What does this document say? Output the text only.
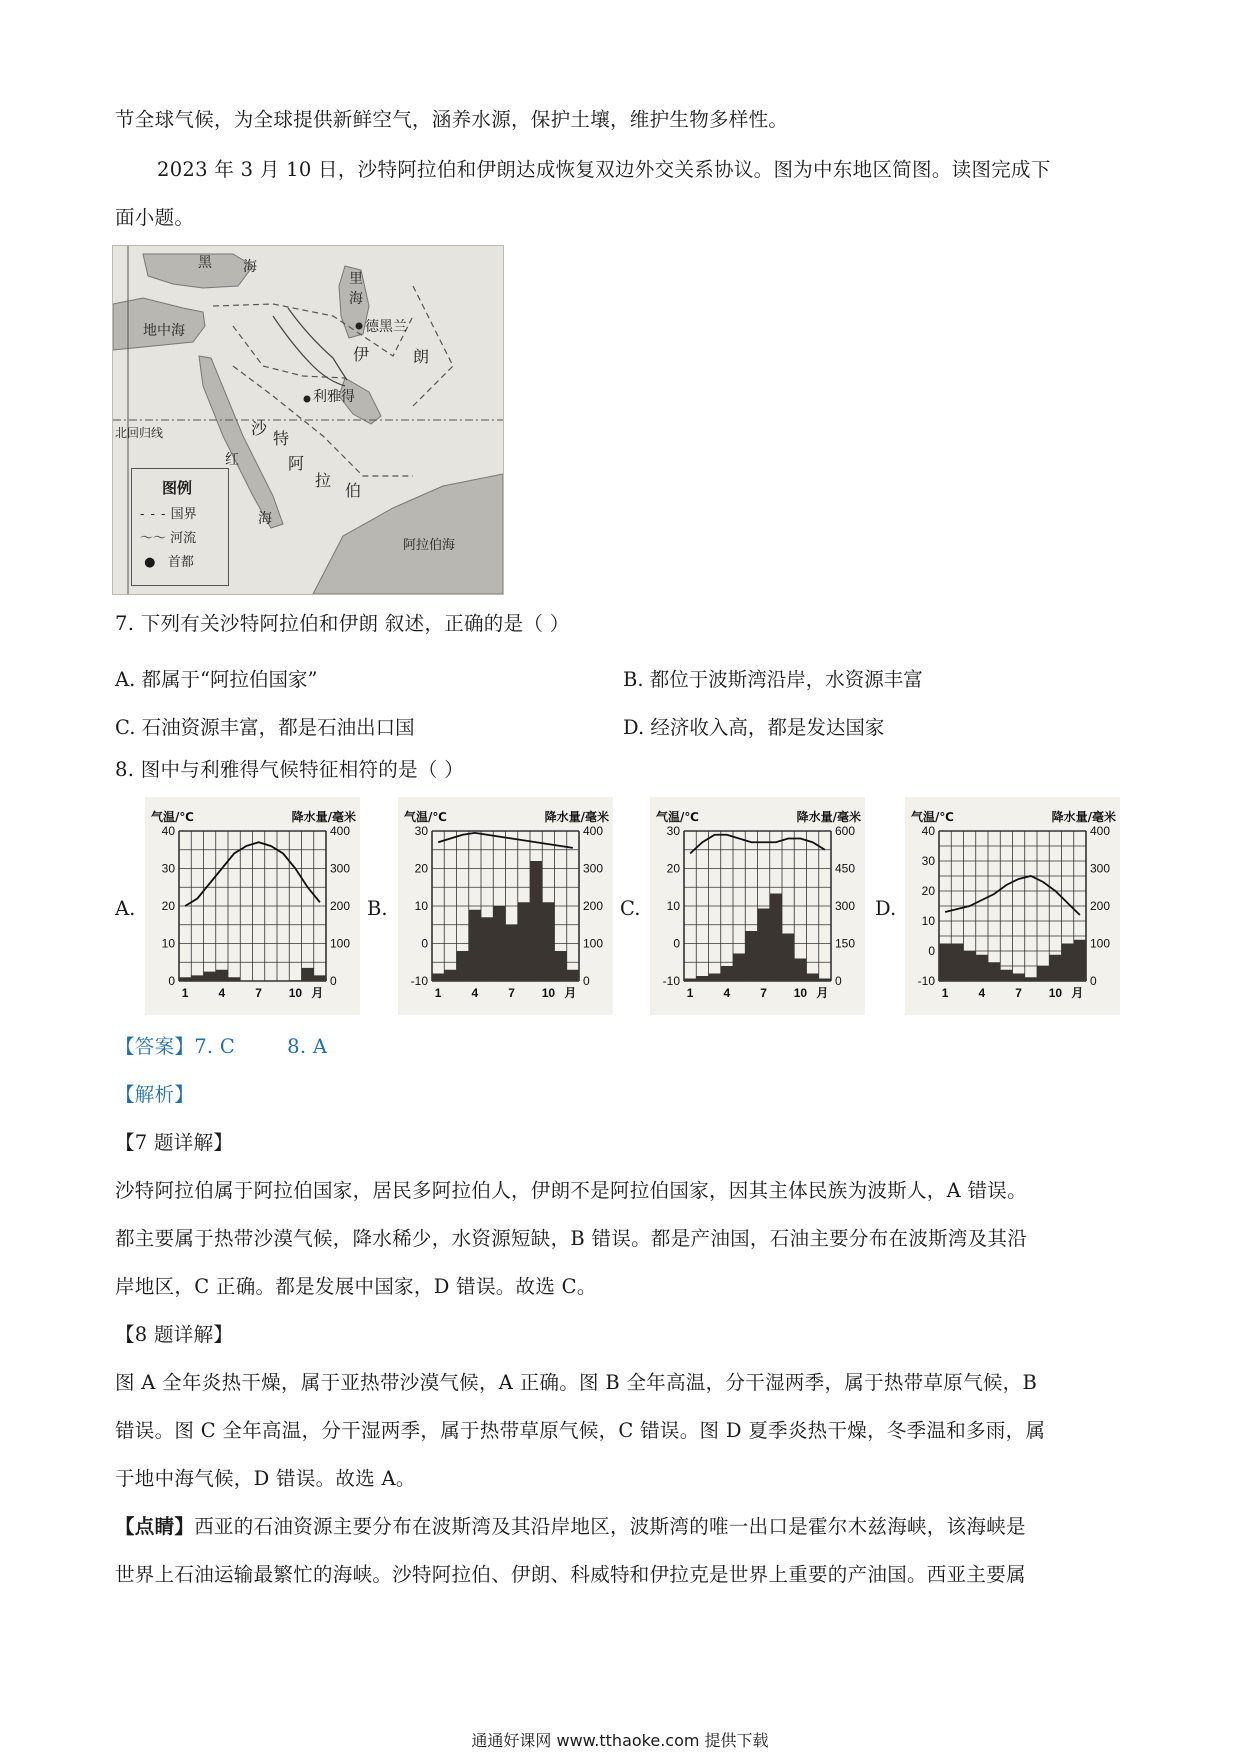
节全球气候，为全球提供新鲜空气，涵养水源，保护土壤，维护生物多样性。
2023 年 3 月 10 日，沙特阿拉伯和伊朗达成恢复双边外交关系协议。图为中东地区简图。读图完成下
面小题。
黑 海
里
海
地中海	德黑兰
伊	朗
利雅得
沙
特
阿
拉
伯
北回归线
红
海
阿拉伯海
图例
- - - 国界
〜〜 河流
●   首都
7. 下列有关沙特阿拉伯和伊朗 叙述，正确的是（ ）
A. 都属于“阿拉伯国家”	B. 都位于波斯湾沿岸，水资源丰富
C. 石油资源丰富，都是石油出口国	D. 经济收入高，都是发达国家
8. 图中与利雅得气候特征相符的是（ ）
A.	B.	C.	D.
0
10
20
30
40
0
100
200
300
400
气温/℃	降水量/毫米
1	4	7 10 月
-10
0
10
20
30
0
100
200
300
400
气温/℃	降水量/毫米
1	4	7 10 月
-10
0
10
20
30
0
150
300
450
600
气温/℃	降水量/毫米
1	4	7 10 月
-10
0
10
20
30
40
0
100
200
300
400
气温/℃	降水量/毫米
1	4	7 10 月
【答案】7. C        8. A
【解析】
【7 题详解】
沙特阿拉伯属于阿拉伯国家，居民多阿拉伯人，伊朗不是阿拉伯国家，因其主体民族为波斯人，A 错误。
都主要属于热带沙漠气候，降水稀少，水资源短缺，B 错误。都是产油国，石油主要分布在波斯湾及其沿
岸地区，C 正确。都是发展中国家，D 错误。故选 C。
【8 题详解】
图 A 全年炎热干燥，属于亚热带沙漠气候，A 正确。图 B 全年高温，分干湿两季，属于热带草原气候，B
错误。图 C 全年高温，分干湿两季，属于热带草原气候，C 错误。图 D 夏季炎热干燥，冬季温和多雨，属
于地中海气候，D 错误。故选 A。
【点睛】西亚的石油资源主要分布在波斯湾及其沿岸地区，波斯湾的唯一出口是霍尔木兹海峡，该海峡是
世界上石油运输最繁忙的海峡。沙特阿拉伯、伊朗、科威特和伊拉克是世界上重要的产油国。西亚主要属
通通好课网 www.tthaoke.com 提供下载
